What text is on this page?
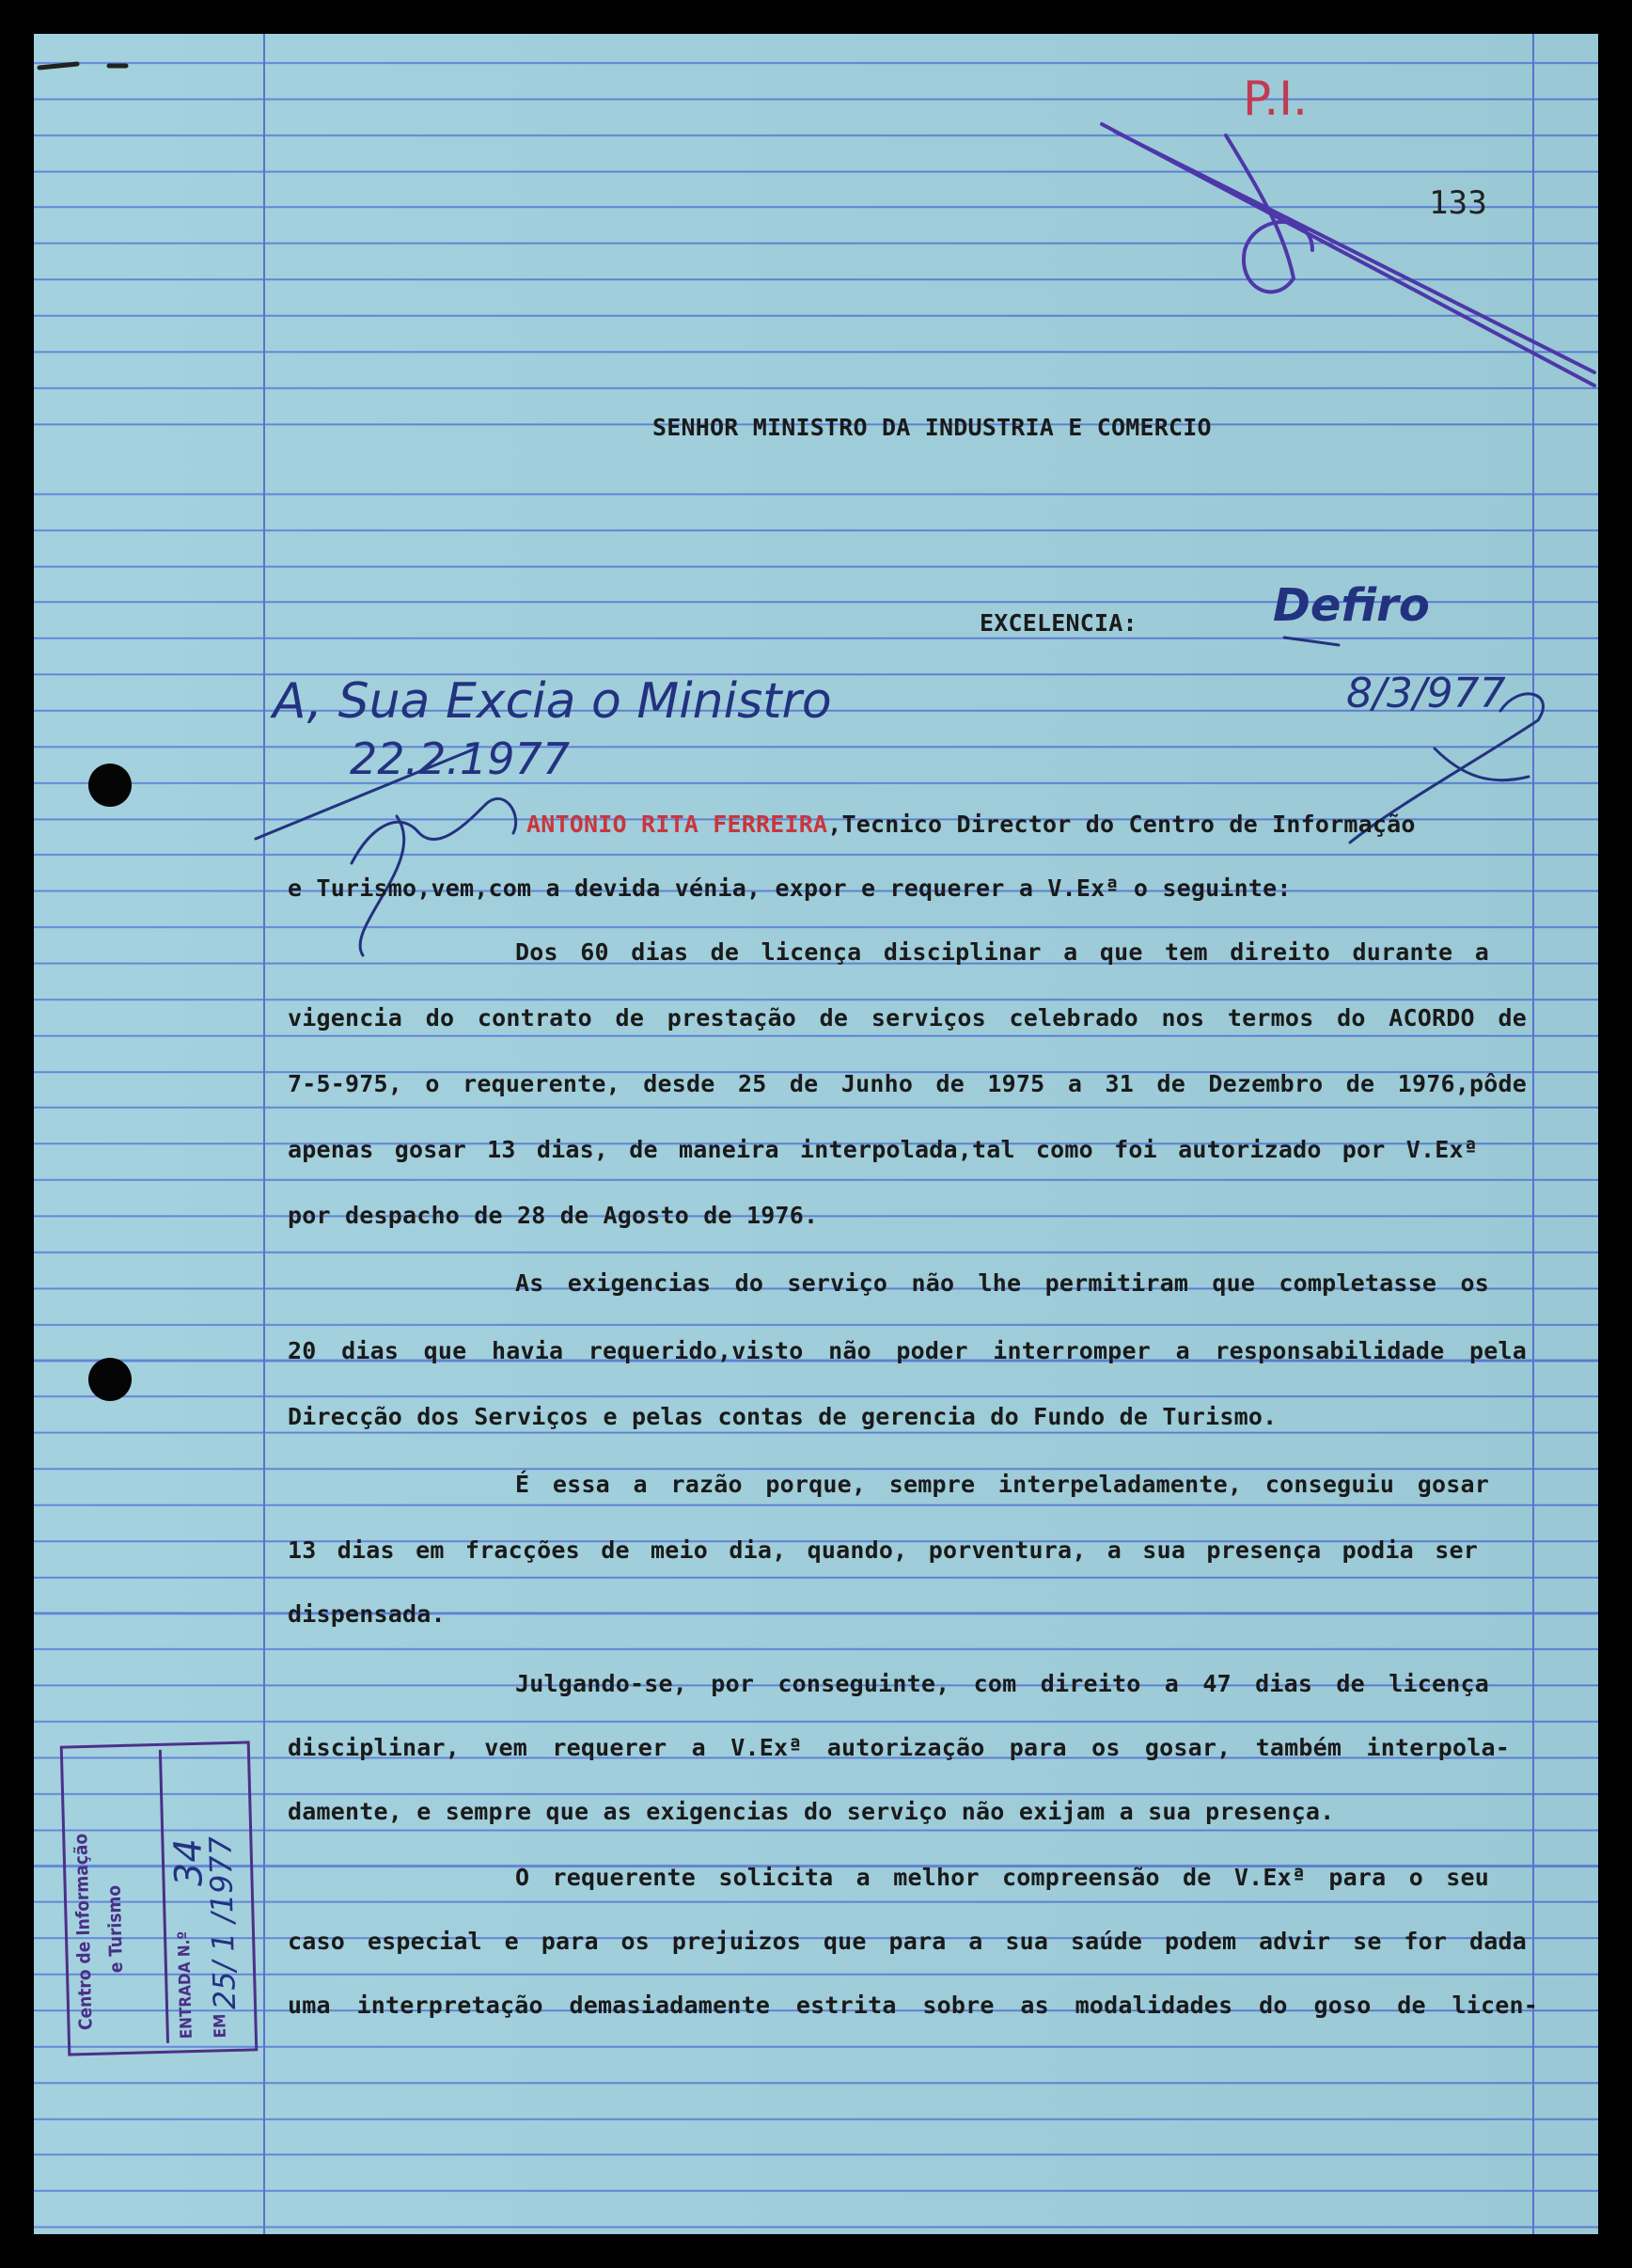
133
P.I.
SENHOR MINISTRO DA INDUSTRIA E COMERCIO
EXCELENCIA:
A, Sua Excia o Ministro
22.2.1977
Defiro
8/3/977
ANTONIO RITA FERREIRA,Tecnico Director do Centro de Informação
e Turismo,vem,com a devida vénia, expor e requerer a V.Exª o seguinte:
Dos 60 dias de licença disciplinar a que tem direito durante a
vigencia do contrato de prestação de serviços celebrado nos termos do ACORDO de
7-5-975, o requerente, desde 25 de Junho de 1975 a 31 de Dezembro de 1976,pôde
apenas gosar 13 dias, de maneira interpolada,tal como foi autorizado por V.Exª
por despacho de 28 de Agosto de 1976.
As exigencias do serviço não lhe permitiram que completasse os
20 dias que havia requerido,visto não poder interromper a responsabilidade pela
Direcção dos Serviços e pelas contas de gerencia do Fundo de Turismo.
É essa a razão porque, sempre interpeladamente, conseguiu gosar
13 dias em fracções de meio dia, quando, porventura, a sua presença podia ser
dispensada.
Julgando-se, por conseguinte, com direito a 47 dias de licença
disciplinar, vem requerer a V.Exª autorização para os gosar, também interpola-
damente, e sempre que as exigencias do serviço não exijam a sua presença.
O requerente solicita a melhor compreensão de V.Exª para o seu
caso especial e para os prejuizos que para a sua saúde podem advir se for dada
uma interpretação demasiadamente estrita sobre as modalidades do goso de licen-
Centro de Informação e Turismo
ENTRADA N.º
34
EM
25/ 1 /1977
